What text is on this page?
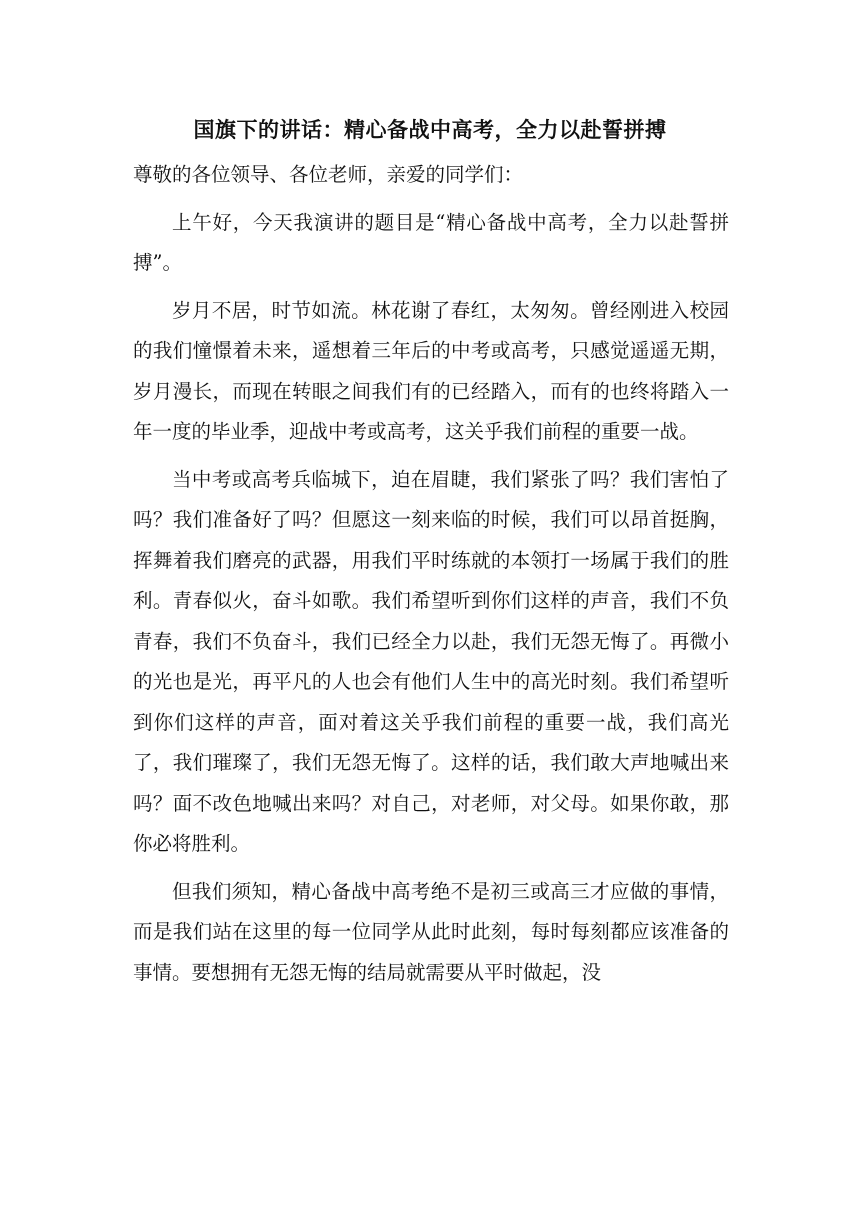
国旗下的讲话：精心备战中高考，全力以赴誓拼搏

尊敬的各位领导、各位老师，亲爱的同学们：

上午好，今天我演讲的题目是“精心备战中高考，全力以赴誓拼搏”。

岁月不居，时节如流。林花谢了春红，太匆匆。曾经刚进入校园的我们憧憬着未来，遥想着三年后的中考或高考，只感觉遥遥无期，岁月漫长，而现在转眼之间我们有的已经踏入，而有的也终将踏入一年一度的毕业季，迎战中考或高考，这关乎我们前程的重要一战。

当中考或高考兵临城下，迫在眉睫，我们紧张了吗？我们害怕了吗？我们准备好了吗？但愿这一刻来临的时候，我们可以昂首挺胸，挥舞着我们磨亮的武器，用我们平时练就的本领打一场属于我们的胜利。青春似火，奋斗如歌。我们希望听到你们这样的声音，我们不负青春，我们不负奋斗，我们已经全力以赴，我们无怨无悔了。再微小的光也是光，再平凡的人也会有他们人生中的高光时刻。我们希望听到你们这样的声音，面对着这关乎我们前程的重要一战，我们高光了，我们璀璨了，我们无怨无悔了。这样的话，我们敢大声地喊出来吗？面不改色地喊出来吗？对自己，对老师，对父母。如果你敢，那你必将胜利。

但我们须知，精心备战中高考绝不是初三或高三才应做的事情，而是我们站在这里的每一位同学从此时此刻，每时每刻都应该准备的事情。要想拥有无怨无悔的结局就需要从平时做起，没
